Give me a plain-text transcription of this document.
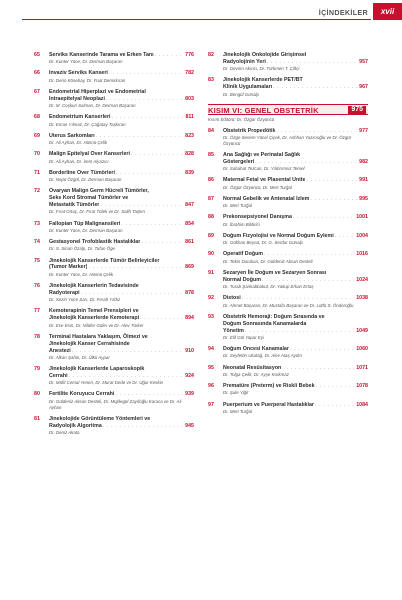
İÇİNDEKİLER	xvii
65	Serviks Kanserinde Tarama ve Erken Tanı . . .	776
Dr. Kunter Yüce, Dr. Derman Başaran
66	İnvaziv Serviks Kanseri . . .	782
Dr. Derin Kösebay, Dr. Fuat Demirkıran
67	Endometrial Hiperplazi ve Endometrial
İntraepitelyal Neoplazi . . .	803
Dr. M. Coşkun Salman, Dr. Derman Başaran
68	Endometrium Kanserleri . . .	811
Dr. Ercan Yılmaz, Dr. Çağatay Taşkıran
69	Uterus Sarkomları . . .	823
Dr. Ali Ayhan, Dr. Hüsnü Çelik
70	Malign Epitelyal Over Kanserleri . . .	828
Dr. Ali Ayhan, Dr. İrem Alyazıcı
71	Borderline Over Tümörleri . . .	839
Dr. Nejat Özgül, Dr. Derman Başaran
72	Ovaryan Malign Germ Hücreli Tümörler,
Seks Kord Stromal Tümörler ve
Metastatik Tümörler . . .	847
Dr. Fırat Ortaç, Dr. Fırat Tülek ve Dr. Salih Taşkın
73	Fallopian Tüp Malignansileri . . .	854
Dr. Kunter Yüce, Dr. Derman Başaran
74	Gestasyonel Trofoblastik Hastalıklar . . .	861
Dr. S. Sinan Özalp, Dr. Tufan Öge
75	Jinekolojik Kanserlerde Tümör Belirleyiciler
(Tumor Marker) . . .	869
Dr. Kunter Yüce, Dr. Hüsnü Çelik
76	Jinekolojik Kanserlerin Tedavisinde
Radyoterapi . . .	878
Dr. Sezin Yüce Sarı, Dr. Ferah Yıldız
77	Kemoterapinin Temel Prensipleri ve
Jinekolojik Kanserlerde Kemoterapi . . .	894
Dr. Ece Esin, Dr. Nilüfer Güler ve Dr. Alev Türker
78	Terminal Hastalara Yaklaşım, Ölmezi ve
Jinekolojik Kanser Cerrahisinde
Anestezi . . .	910
Dr. Alkan Şahin, Dr. Ülkü Aypar
79	Jinekolojik Kanserlerde Laparoskopik
Cerrahi . . .	924
Dr. Müfit Cemal Yenen, Dr. Murat Dede ve Dr. Uğur Keskin
80	Fertilite Koruyucu Cerrahi . . .	939
Dr. Güldeniz Aksan Desteli, Dr. Müjdegül Zayıfoğlu Karaca ve Dr. Ali Ayhan
81	Jinekolojide Görüntüleme Yöntemleri ve
Radyolojik Algoritma . . .	945
Dr. Deniz Akata
82	Jinekolojik Onkolojide Girişimsel
Radyolojinin Yeri . . .	957
Dr. Devrim Akıncı, Dr. Türkmen T. Çiftçi
83	Jinekolojik Kanserlerde PET/BT
Klinik Uygulamaları . . .	967
Dr. Bengül Günalp
KISIM VI: GENEL OBSTETRİK	975
Kısım Editörü: Dr. Özgür Özyüncü
84	Obstetrik Propedötik . . .	977
Dr. Özge Senem Yücel Çiçek, Dr. Ashhan Yazıcıoğlu ve Dr. Özgür Özyüncü
85	Ana Sağlığı ve Perinatal Sağlık
Göstergeleri . . .	982
Dr. Sabahat Tezcan, Dr. Yıldırımsız Temel
86	Maternal Fetal ve Plasental Ünite . . .	991
Dr. Özgür Özyüncü, Dr. Mert Turğal
87	Normal Gebelik ve Antenatal İzlem . . .	995
Dr. Mert Turğal
88	Prekonsepsiyonel Danışma . . .	1001
Dr. İbrahim Bildirici
89	Doğum Fizyolojisi ve Normal Doğum Eylemi . . .	1004
Dr. Gökhan Beyrut, Dr. G. Serdar Günalp
90	Operatif Doğum . . .	1016
Dr. Tekin Durukan, Dr. Güldeniz Aksan Desteli
91	Sezaryen İle Doğum ve Sezaryen Sonrası
Normal Doğum . . .	1024
Dr. Turab Şanlıabbakut, Dr. Yakup Erkan Ertaş
92	Distosi . . .	1038
Dr. Ahmet Başaran, Dr. Mustafa Başaran ve Dr. Lütfü S. Önderoğlu
93	Obstetrik Hemoraji: Doğum Sırasında ve
Doğum Sonrasında Kanamalarda
Yönetim . . .	1049
Dr. Elif Gül Yapar Eyi
94	Doğum Öncesi Kanamalar . . .	1060
Dr. Seyfettin Uludağ, Dr. Alev Ataş Aydın
95	Neonatal Resüsitasyon . . .	1071
Dr. Tolga Çelik, Dr. Ayşe Korkmaz
96	Prematüre (Preterm) ve Riskli Bebek . . .	1078
Dr. Şule Yiğit
97	Puerperium ve Puerperal Hastalıklar . . .	1084
Dr. Mert Turğal
